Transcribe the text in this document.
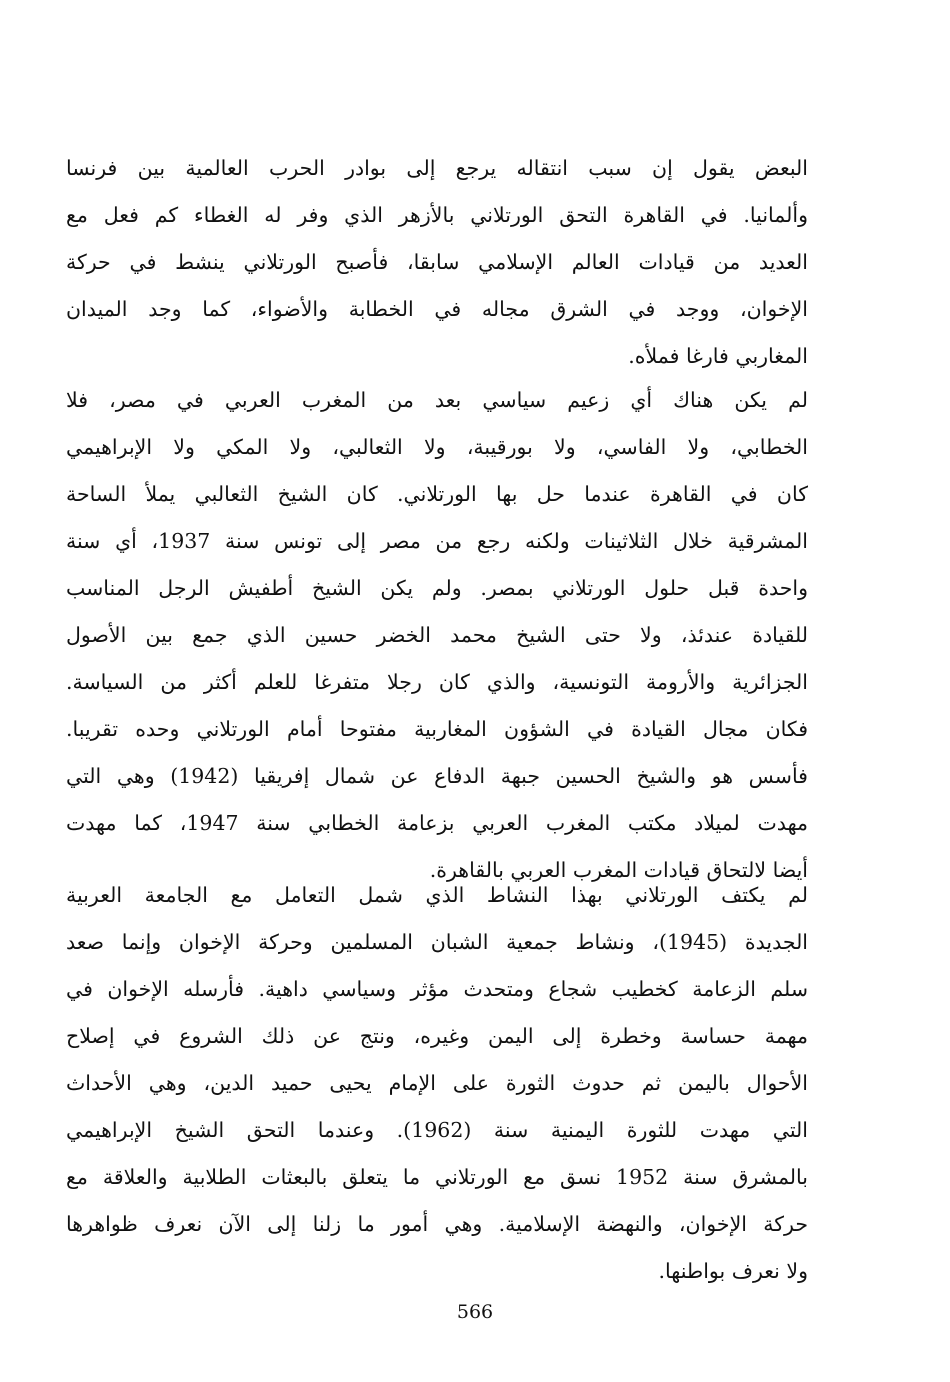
البعض يقول إن سبب انتقاله يرجع إلى بوادر الحرب العالمية بين فرنسا
وألمانيا. في القاهرة التحق الورتلاني بالأزهر الذي وفر له الغطاء كم فعل مع
العديد من قيادات العالم الإسلامي سابقا، فأصبح الورتلاني ينشط في حركة
الإخوان، ووجد في الشرق مجاله في الخطابة والأضواء، كما وجد الميدان
المغاربي فارغا فملأه.
لم يكن هناك أي زعيم سياسي بعد من المغرب العربي في مصر، فلا
الخطابي، ولا الفاسي، ولا بورقيبة، ولا الثعالبي، ولا المكي ولا الإبراهيمي
كان في القاهرة عندما حل بها الورتلاني. كان الشيخ الثعالبي يملأ الساحة
المشرقية خلال الثلاثينات ولكنه رجع من مصر إلى تونس سنة 1937، أي سنة
واحدة قبل حلول الورتلاني بمصر. ولم يكن الشيخ أطفيش الرجل المناسب
للقيادة عندئذ، ولا حتى الشيخ محمد الخضر حسين الذي جمع بين الأصول
الجزائرية والأرومة التونسية، والذي كان رجلا متفرغا للعلم أكثر من السياسة.
فكان مجال القيادة في الشؤون المغاربية مفتوحا أمام الورتلاني وحده تقريبا.
فأسس هو والشيخ الحسين جبهة الدفاع عن شمال إفريقيا (1942) وهي التي
مهدت لميلاد مكتب المغرب العربي بزعامة الخطابي سنة 1947، كما مهدت
أيضا لالتحاق قيادات المغرب العربي بالقاهرة.
لم يكتف الورتلاني بهذا النشاط الذي شمل التعامل مع الجامعة العربية
الجديدة (1945)، ونشاط جمعية الشبان المسلمين وحركة الإخوان وإنما صعد
سلم الزعامة كخطيب شجاع ومتحدث مؤثر وسياسي داهية. فأرسله الإخوان في
مهمة حساسة وخطرة إلى اليمن وغيره، ونتج عن ذلك الشروع في إصلاح
الأحوال باليمن ثم حدوث الثورة على الإمام يحيى حميد الدين، وهي الأحداث
التي مهدت للثورة اليمنية سنة (1962). وعندما التحق الشيخ الإبراهيمي
بالمشرق سنة 1952 نسق مع الورتلاني ما يتعلق بالبعثات الطلابية والعلاقة مع
حركة الإخوان، والنهضة الإسلامية. وهي أمور ما زلنا إلى الآن نعرف ظواهرها
ولا نعرف بواطنها.
566
